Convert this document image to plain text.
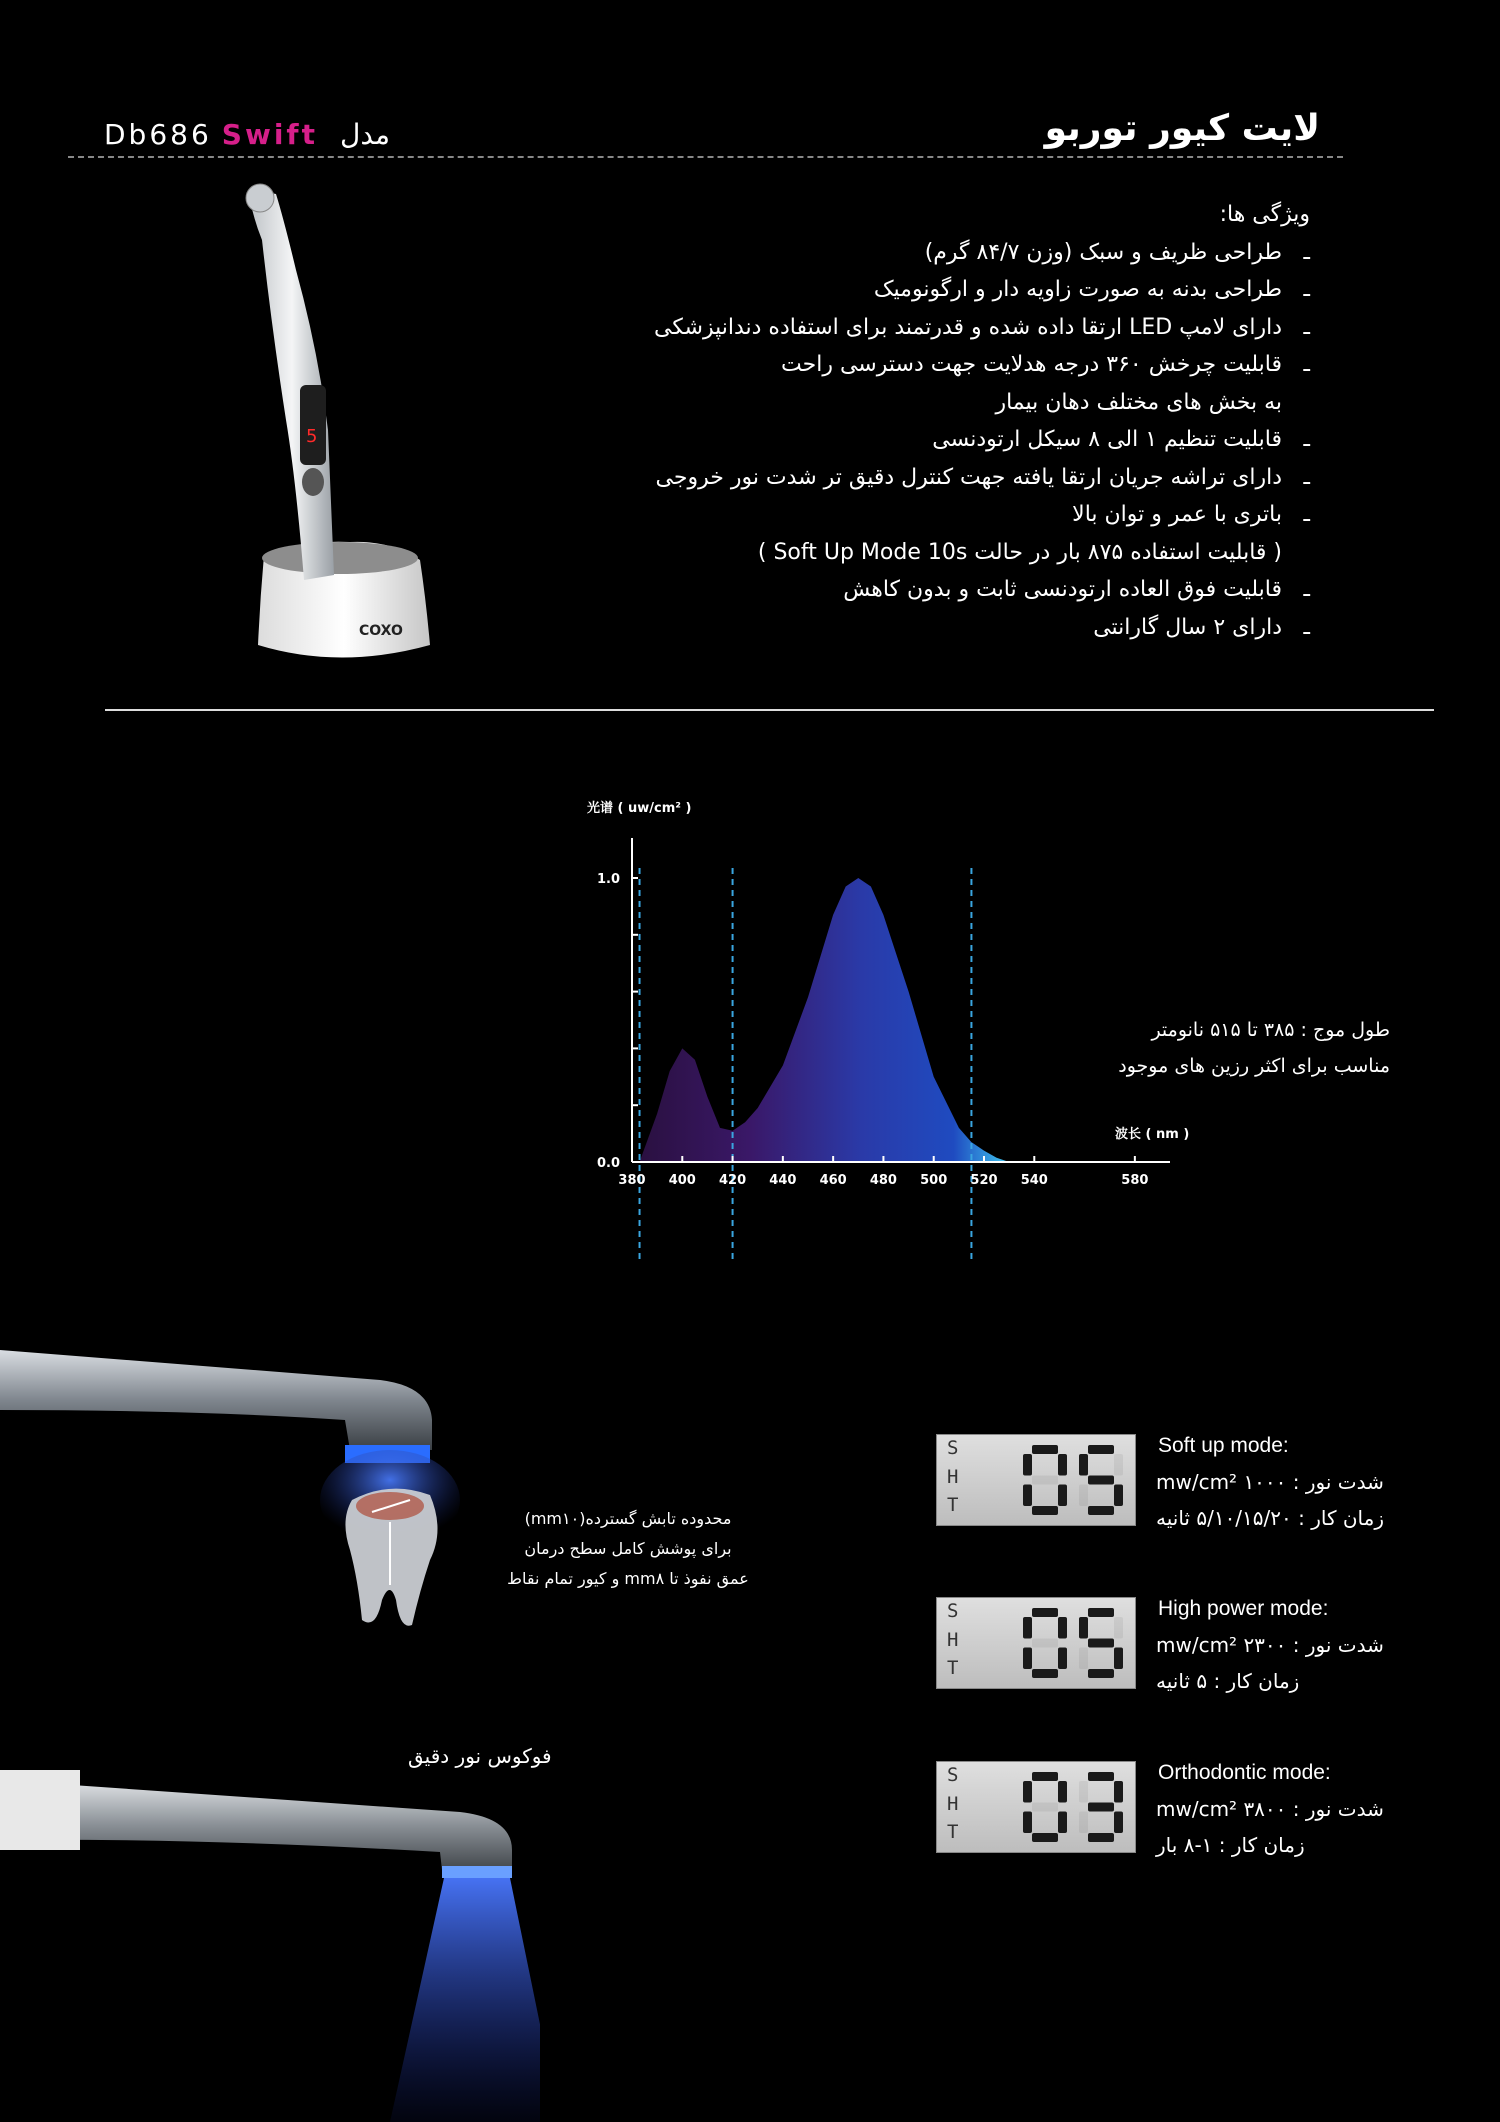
Db686 Swift مدل	لایت کیور توربو
5
COXO
ویژگی ها:
ـطراحی ظریف و سبک (وزن ۸۴/۷ گرم)
ـطراحی بدنه به صورت زاویه دار و ارگونومیک
ـدارای لامپ LED ارتقا داده شده و قدرتمند برای استفاده دندانپزشکی
ـقابلیت چرخش ۳۶۰ درجه هدلایت جهت دسترسی راحت
به بخش های مختلف دهان بیمار
ـقابلیت تنظیم ۱ الی ۸ سیکل ارتودنسی
ـدارای تراشه جریان ارتقا یافته جهت کنترل دقیق تر شدت نور خروجی
ـباتری با عمر و توان بالا
( قابلیت استفاده ۸۷۵ بار در حالت Soft Up Mode 10s )
ـقابلیت فوق العاده ارتودنسی ثابت و بدون کاهش
ـدارای ۲ سال گارانتی
0.0
1.0
380 400 420 440 460 480 500 520 540	580
光谱 ( uw/cm² )
波长 ( nm )
طول موج : ۳۸۵ تا ۵۱۵ نانومتر
مناسب برای اکثر رزین های موجود
محدوده تابش گسترده(mm۱۰)
برای پوشش کامل سطح درمان
عمق نفوذ تا mm۸ و کیور تمام نقاط
فوکوس نور دقیق
S
H
T
Soft up mode:
شدت نور : ۱۰۰۰ mw/cm²
زمان کار : ۵/۱۰/۱۵/۲۰ ثانیه
S
H
T
High power mode:
شدت نور : ۲۳۰۰ mw/cm²
زمان کار : ۵ ثانیه
S
H
T
Orthodontic mode:
شدت نور : ۳۸۰۰ mw/cm²
زمان کار : ۱-۸ بار
